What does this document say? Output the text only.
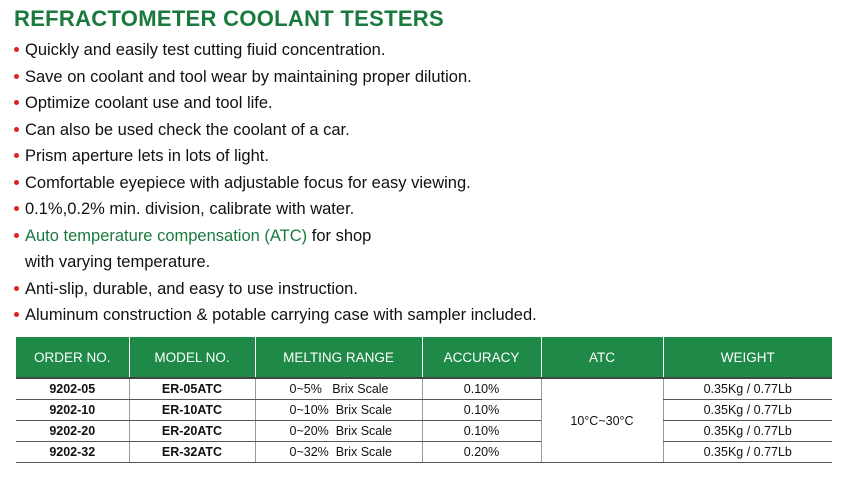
REFRACTOMETER COOLANT TESTERS
Quickly and easily test cutting fiuid concentration.
Save on coolant and tool wear by maintaining proper dilution.
Optimize coolant use and tool life.
Can also be used check the coolant of a car.
Prism aperture lets in lots of light.
Comfortable eyepiece with adjustable focus for easy viewing.
0.1%,0.2% min. division, calibrate with water.
Auto temperature compensation (ATC) for shop
with varying temperature.
Anti-slip, durable, and easy to use instruction.
Aluminum construction & potable carrying case with sampler included.
ORDER NO.	MODEL NO.	MELTING RANGE	ACCURACY	ATC	WEIGHT
9202-05	ER-05ATC	0~5%   Brix Scale	0.10%	10°C~30°C	0.35Kg / 0.77Lb
9202-10	ER-10ATC	0~10%  Brix Scale	0.10%		0.35Kg / 0.77Lb
9202-20	ER-20ATC	0~20%  Brix Scale	0.10%		0.35Kg / 0.77Lb
9202-32	ER-32ATC	0~32%  Brix Scale	0.20%		0.35Kg / 0.77Lb
